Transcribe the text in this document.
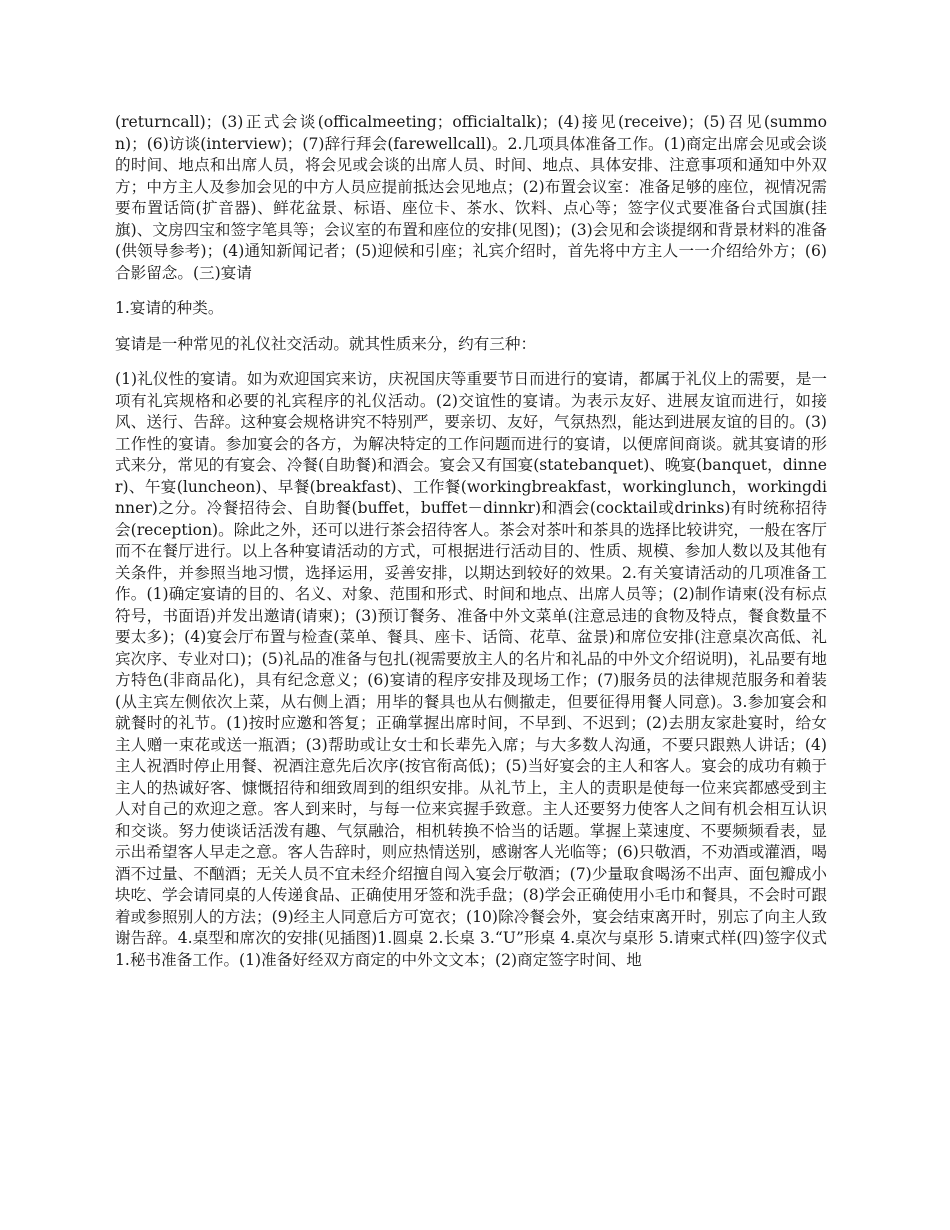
(returncall)；(3)正式会谈(officalmeeting；officialtalk)；(4)接见(receive)；(5)召见(summon)；(6)访谈(interview)；(7)辞行拜会(farewellcall)。2.几项具体准备工作。(1)商定出席会见或会谈的时间、地点和出席人员，将会见或会谈的出席人员、时间、地点、具体安排、注意事项和通知中外双方；中方主人及参加会见的中方人员应提前抵达会见地点；(2)布置会议室：准备足够的座位，视情况需要布置话筒(扩音器)、鲜花盆景、标语、座位卡、茶水、饮料、点心等；签字仪式要准备台式国旗(挂旗)、文房四宝和签字笔具等；会议室的布置和座位的安排(见图)；(3)会见和会谈提纲和背景材料的准备(供领导参考)；(4)通知新闻记者；(5)迎候和引座；礼宾介绍时，首先将中方主人一一介绍给外方；(6)合影留念。(三)宴请

1.宴请的种类。

宴请是一种常见的礼仪社交活动。就其性质来分，约有三种：

(1)礼仪性的宴请。如为欢迎国宾来访，庆祝国庆等重要节日而进行的宴请，都属于礼仪上的需要，是一项有礼宾规格和必要的礼宾程序的礼仪活动。(2)交谊性的宴请。为表示友好、进展友谊而进行，如接风、送行、告辞。这种宴会规格讲究不特别严，要亲切、友好，气氛热烈，能达到进展友谊的目的。(3)工作性的宴请。参加宴会的各方，为解决特定的工作问题而进行的宴请，以便席间商谈。就其宴请的形式来分，常见的有宴会、冷餐(自助餐)和酒会。宴会又有国宴(statebanquet)、晚宴(banquet，dinner)、午宴(luncheon)、早餐(breakfast)、工作餐(workingbreakfast，workinglunch，workingdinner)之分。冷餐招待会、自助餐(buffet，buffet－dinnkr)和酒会(cocktail或drinks)有时统称招待会(reception)。除此之外，还可以进行茶会招待客人。茶会对茶叶和茶具的选择比较讲究，一般在客厅而不在餐厅进行。以上各种宴请活动的方式，可根据进行活动目的、性质、规模、参加人数以及其他有关条件，并参照当地习惯，选择运用，妥善安排，以期达到较好的效果。2.有关宴请活动的几项准备工作。(1)确定宴请的目的、名义、对象、范围和形式、时间和地点、出席人员等；(2)制作请柬(没有标点符号，书面语)并发出邀请(请柬)；(3)预订餐务、准备中外文菜单(注意忌违的食物及特点，餐食数量不要太多)；(4)宴会厅布置与检查(菜单、餐具、座卡、话筒、花草、盆景)和席位安排(注意桌次高低、礼宾次序、专业对口)；(5)礼品的准备与包扎(视需要放主人的名片和礼品的中外文介绍说明)，礼品要有地方特色(非商品化)，具有纪念意义；(6)宴请的程序安排及现场工作；(7)服务员的法律规范服务和着装(从主宾左侧依次上菜，从右侧上酒；用毕的餐具也从右侧撤走，但要征得用餐人同意)。3.参加宴会和就餐时的礼节。(1)按时应邀和答复；正确掌握出席时间，不早到、不迟到；(2)去朋友家赴宴时，给女主人赠一束花或送一瓶酒；(3)帮助或让女士和长辈先入席；与大多数人沟通，不要只跟熟人讲话；(4)主人祝酒时停止用餐、祝酒注意先后次序(按官衔高低)；(5)当好宴会的主人和客人。宴会的成功有赖于主人的热诚好客、慷慨招待和细致周到的组织安排。从礼节上，主人的责职是使每一位来宾都感受到主人对自己的欢迎之意。客人到来时，与每一位来宾握手致意。主人还要努力使客人之间有机会相互认识和交谈。努力使谈话活泼有趣、气氛融洽，相机转换不恰当的话题。掌握上菜速度、不要频频看表，显示出希望客人早走之意。客人告辞时，则应热情送别，感谢客人光临等；(6)只敬酒，不劝酒或灌酒，喝酒不过量、不酗酒；无关人员不宜未经介绍擅自闯入宴会厅敬酒；(7)少量取食喝汤不出声、面包瓣成小块吃、学会请同桌的人传递食品、正确使用牙签和洗手盘；(8)学会正确使用小毛巾和餐具，不会时可跟着或参照别人的方法；(9)经主人同意后方可宽衣；(10)除冷餐会外，宴会结束离开时，别忘了向主人致谢告辞。4.桌型和席次的安排(见插图)1.圆桌 2.长桌 3.“U”形桌 4.桌次与桌形 5.请柬式样(四)签字仪式 1.秘书准备工作。(1)准备好经双方商定的中外文文本；(2)商定签字时间、地
